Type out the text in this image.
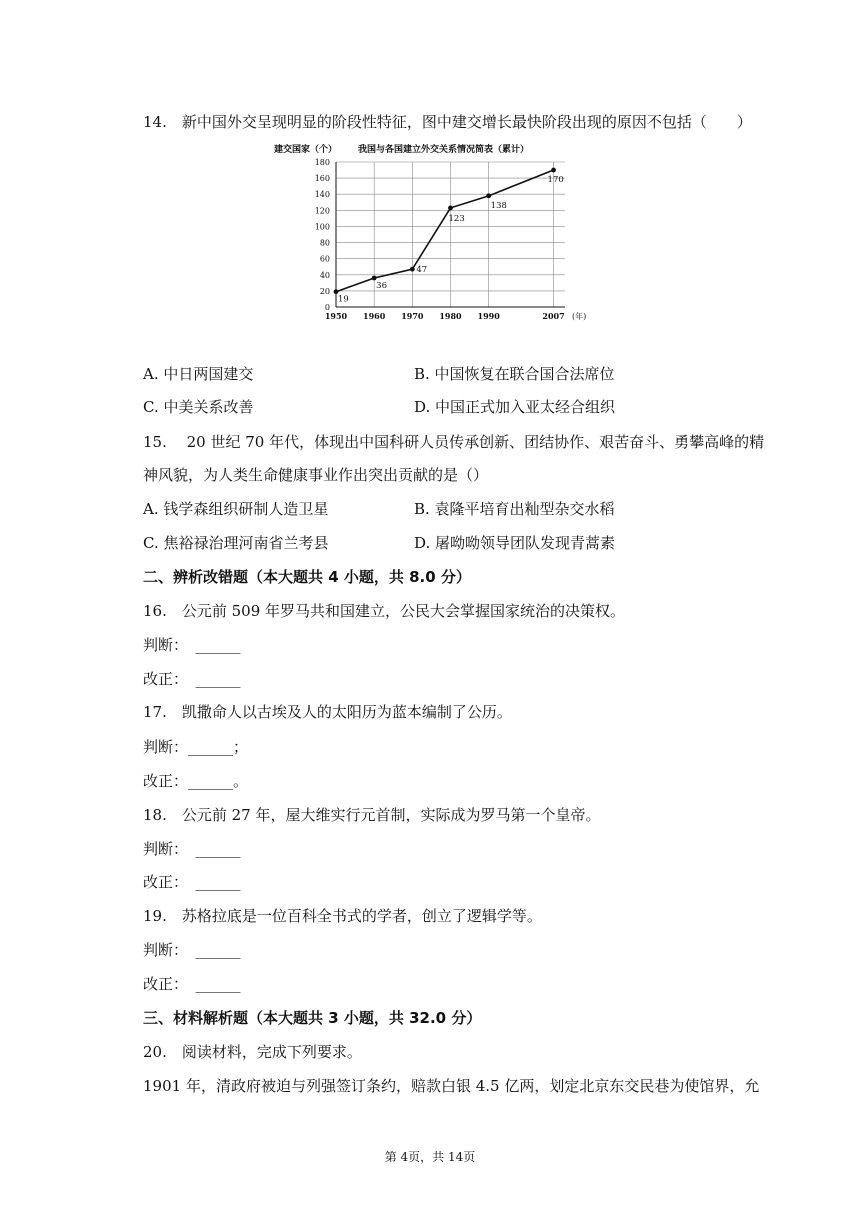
14.　新中国外交呈现明显的阶段性特征，图中建交增长最快阶段出现的原因不包括（　　）
建交国家（个） 我国与各国建立外交关系情况简表（累计）
0
20
40
60
80
100
120
140
160
180
1950 1960 1970 1980 1990	2007 (年)
19
36
47
123
138
170
A. 中日两国建交	B. 中国恢复在联合国合法席位
C. 中美关系改善	D. 中国正式加入亚太经合组织
15.　 20 世纪 70 年代，体现出中国科研人员传承创新、团结协作、艰苦奋斗、勇攀高峰的精
神风貌，为人类生命健康事业作出突出贡献的是（）
A. 钱学森组织研制人造卫星	B. 袁隆平培育出籼型杂交水稻
C. 焦裕禄治理河南省兰考县	D. 屠呦呦领导团队发现青蒿素
二、辨析改错题（本大题共 4 小题，共 8.0 分）
16.　公元前 509 年罗马共和国建立，公民大会掌握国家统治的决策权。
判断：　______
改正：　______
17.　凯撒命人以古埃及人的太阳历为蓝本编制了公历。
判断：______；
改正：______。
18.　公元前 27 年，屋大维实行元首制，实际成为罗马第一个皇帝。
判断：　______
改正：　______
19.　苏格拉底是一位百科全书式的学者，创立了逻辑学等。
判断：　______
改正：　______
三、材料解析题（本大题共 3 小题，共 32.0 分）
20.　阅读材料，完成下列要求。
1901 年，清政府被迫与列强签订条约，赔款白银 4.5 亿两，划定北京东交民巷为使馆界，允
第 4页，共 14页
